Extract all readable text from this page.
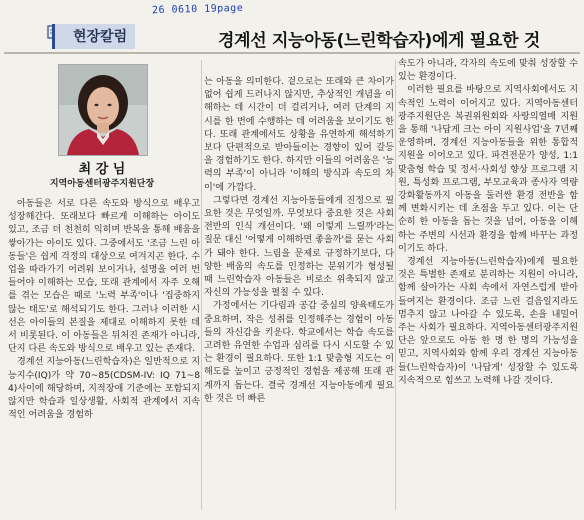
26 0610 19page
현장칼럼	경계선 지능아동(느린학습자)에게 필요한 것
최 강 님
지역아동센터광주지원단장

아동들은 서로 다른 속도와 방식으로 배우고 성장해간다. 또래보다 빠르게 이해하는 아이도 있고, 조금 더 천천히 익히며 반복을 통해 배움을 쌓아가는 아이도 있다. 그중에서도 '조금 느린 아동들'은 쉽게 걱정의 대상으로 여겨지곤 한다. 수업을 따라가기 어려워 보이거나, 설명을 여러 번 들어야 이해하는 모습, 또래 관계에서 자주 오해를 겪는 모습은 때로 '노력 부족'이나 '집중하지 않는 태도'로 해석되기도 한다. 그러나 이러한 시선은 아이들의 본질을 제대로 이해하지 못한 데서 비롯된다. 이 아동들은 뒤처진 존재가 아니라, 단지 다른 속도와 방식으로 배우고 있는 존재다.

경계선 지능아동(느린학습자)은 일반적으로 지능지수(IQ)가 약 70~85(CDSM-IV: IQ 71~84)사이에 해당하며, 지적장애 기준에는 포함되지 않지만 학습과 일상생활, 사회적 관계에서 지속적인 어려움을 경험하

는 아동을 의미한다. 겉으로는 또래와 큰 차이가 없어 쉽게 드러나지 않지만, 추상적인 개념을 이해하는 데 시간이 더 걸리거나, 여러 단계의 지시를 한 번에 수행하는 데 어려움을 보이기도 한다. 또래 관계에서도 상황을 유연하게 해석하기보다 단편적으로 받아들이는 경향이 있어 갈등을 경험하기도 한다. 하지만 이들의 어려움은 '능력의 부족'이 아니라 '이해의 방식과 속도의 차이'에 가깝다.

그렇다면 경계선 지능아동들에게 진정으로 필요한 것은 무엇일까. 무엇보다 중요한 것은 사회 전반의 인식 개선이다. '왜 이렇게 느릴까'라는 질문 대신 '어떻게 이해하면 좋을까'를 묻는 사회가 돼야 한다. 느림을 문제로 규정하기보다, 다양한 배움의 속도를 인정하는 분위기가 형성될 때 느린학습자 아동들은 비로소 위축되지 않고 자신의 가능성을 펼칠 수 있다.

가정에서는 기다림과 공감 중심의 양육태도가 중요하며, 작은 성취를 인정해주는 경험이 아동들의 자신감을 키운다. 학교에서는 학습 속도를 고려한 유연한 수업과 심리를 다시 시도할 수 있는 환경이 필요하다. 또한 1:1 맞춤형 지도는 이해도를 높이고 긍정적인 경험을 제공해 또래 관계까지 돕는다. 결국 경계선 지능아동에게 필요한 것은 더 빠른

속도가 아니라, 각자의 속도에 맞춰 성장할 수 있는 환경이다.

이러한 필요를 바탕으로 지역사회에서도 지속적인 노력이 이어지고 있다. 지역아동센터광주지원단은 복권위원회와 사랑의열매 지원을 통해 '나답게 크는 아이 지원사업'을 7년째 운영하며, 경계선 지능아동들을 위한 통합적 지원을 이어오고 있다. 파견전문가 양성, 1:1 맞춤형 학습 및 정서·사회성 향상 프로그램 지원, 특성화 프로그램, 부모교육과 종사자 역량강화활동까지 아동을 둘러싼 환경 전반을 함께 변화시키는 데 초점을 두고 있다. 이는 단순히 한 아동을 돕는 것을 넘어, 아동을 이해하는 주변의 시선과 환경을 함께 바꾸는 과정이기도 하다.

경계선 지능아동(느린학습자)에게 필요한 것은 특별한 존재로 분리하는 지원이 아니라, 함께 살아가는 사회 속에서 자연스럽게 받아들여지는 환경이다. 조금 느린 걸음일지라도 멈추지 않고 나아갈 수 있도록, 손을 내밀어 주는 사회가 필요하다. 지역아동센터광주지원단은 앞으로도 아동 한 명 한 명의 가능성을 믿고, 지역사회와 함께 우리 경계선 지능아동들(느린학습자)이 '나답게' 성장할 수 있도록 지속적으로 힘쓰고 노력해 나갈 것이다.
